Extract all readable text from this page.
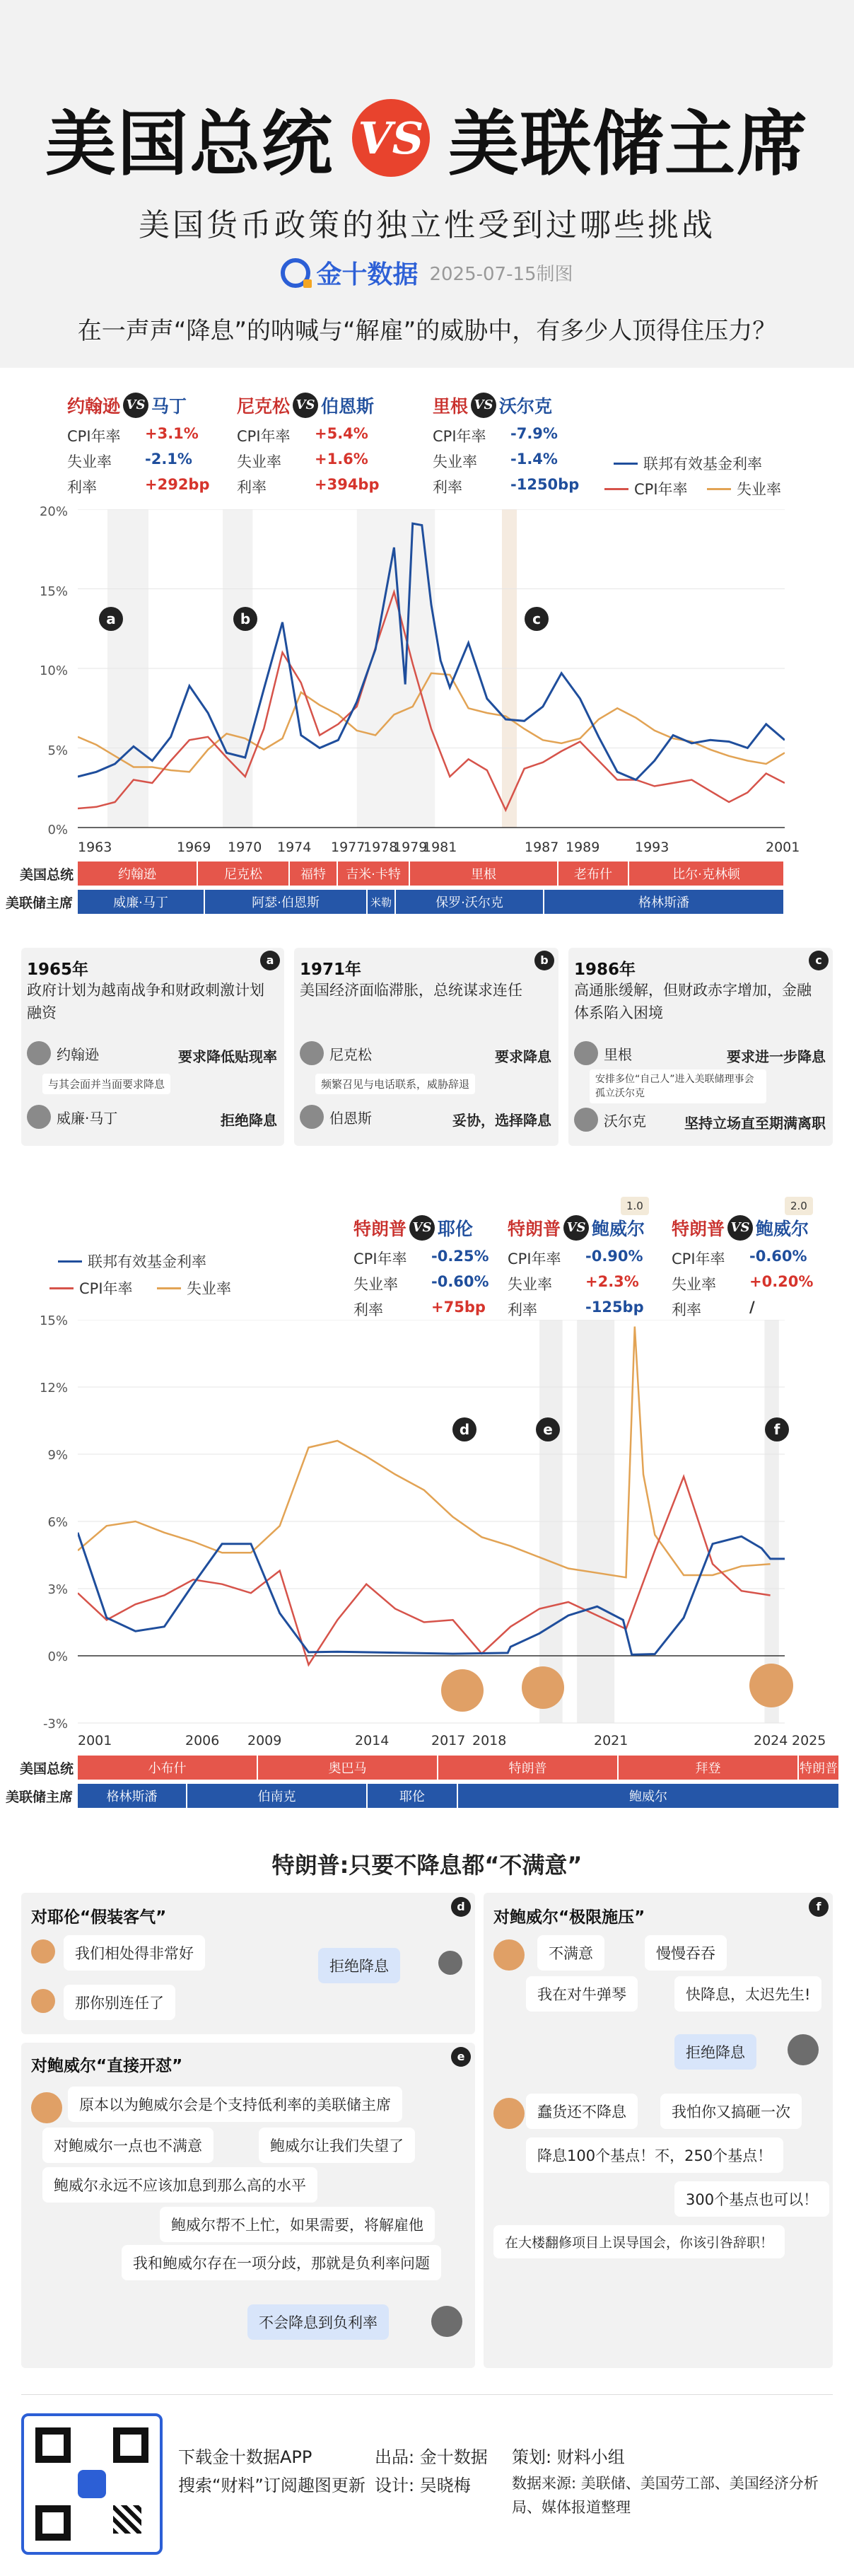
美国总统 VS 美联储主席
美国货币政策的独立性受到过哪些挑战
金十数据 2025-07-15制图
在一声声“降息”的呐喊与“解雇”的威胁中，有多少人顶得住压力？
约翰逊 VS 马丁
CPI年率	+3.1%
失业率	-2.1%
利率	+292bp
尼克松 VS 伯恩斯
CPI年率	+5.4%
失业率	+1.6%
利率	+394bp
里根 VS 沃尔克
CPI年率	-7.9%
失业率	-1.4%
利率	-1250bp
联邦有效基金利率
CPI年率	失业率
20%
15%
10%
5%
0%
a	b	c
1963	1969 1970 1974 1977
1978
1979
1981	1987 1989	1993	2001
美国总统
美联储主席
约翰逊	尼克松	福特	吉米·卡特	里根	老布什	比尔·克林顿
威廉·马丁	阿瑟·伯恩斯	米勒	保罗·沃尔克	格林斯潘
a
1965年
政府计划为越南战争和财政刺激计划融资
约翰逊	要求降低贴现率
与其会面并当面要求降息
威廉·马丁	拒绝降息
b
1971年
美国经济面临滞胀，总统谋求连任
尼克松	要求降息
频繁召见与电话联系，威胁辞退
伯恩斯	妥协，选择降息
c
1986年
高通胀缓解，但财政赤字增加，金融体系陷入困境
里根	要求进一步降息
安排多位“自己人”进入美联储理事会孤立沃尔克
沃尔克	坚持立场直至期满离职
联邦有效基金利率
CPI年率	失业率
特朗普 VS 耶伦
CPI年率	-0.25%
失业率	-0.60%
利率	+75bp
1.0
特朗普 VS 鲍威尔
CPI年率	-0.90%
失业率	+2.3%
利率	-125bp
2.0
特朗普 VS 鲍威尔
CPI年率	-0.60%
失业率	+0.20%
利率	/
15%
12%
9%
6%
3%
0%
-3%
d	e	f
2001	2006 2009	2014	2017 2018	2021	2024 2025
美国总统
美联储主席
小布什	奥巴马	特朗普	拜登	特朗普
格林斯潘	伯南克	耶伦	鲍威尔
特朗普:只要不降息都“不满意”
d
对耶伦“假装客气”
我们相处得非常好
拒绝降息
那你别连任了
e
对鲍威尔“直接开怼”
原本以为鲍威尔会是个支持低利率的美联储主席
对鲍威尔一点也不满意	鲍威尔让我们失望了
鲍威尔永远不应该加息到那么高的水平
鲍威尔帮不上忙，如果需要，将解雇他
我和鲍威尔存在一项分歧，那就是负利率问题
不会降息到负利率
f
对鲍威尔“极限施压”
不满意	慢慢吞吞
我在对牛弹琴	快降息，太迟先生!
拒绝降息
蠢货还不降息	我怕你又搞砸一次
降息100个基点！不，250个基点！
300个基点也可以！
在大楼翻修项目上误导国会，你该引咎辞职！
下载金十数据APP
搜索“财料”订阅趣图更新
出品: 金十数据
设计: 吴晓梅
策划: 财料小组
数据来源: 美联储、美国劳工部、美国经济分析局、媒体报道整理
